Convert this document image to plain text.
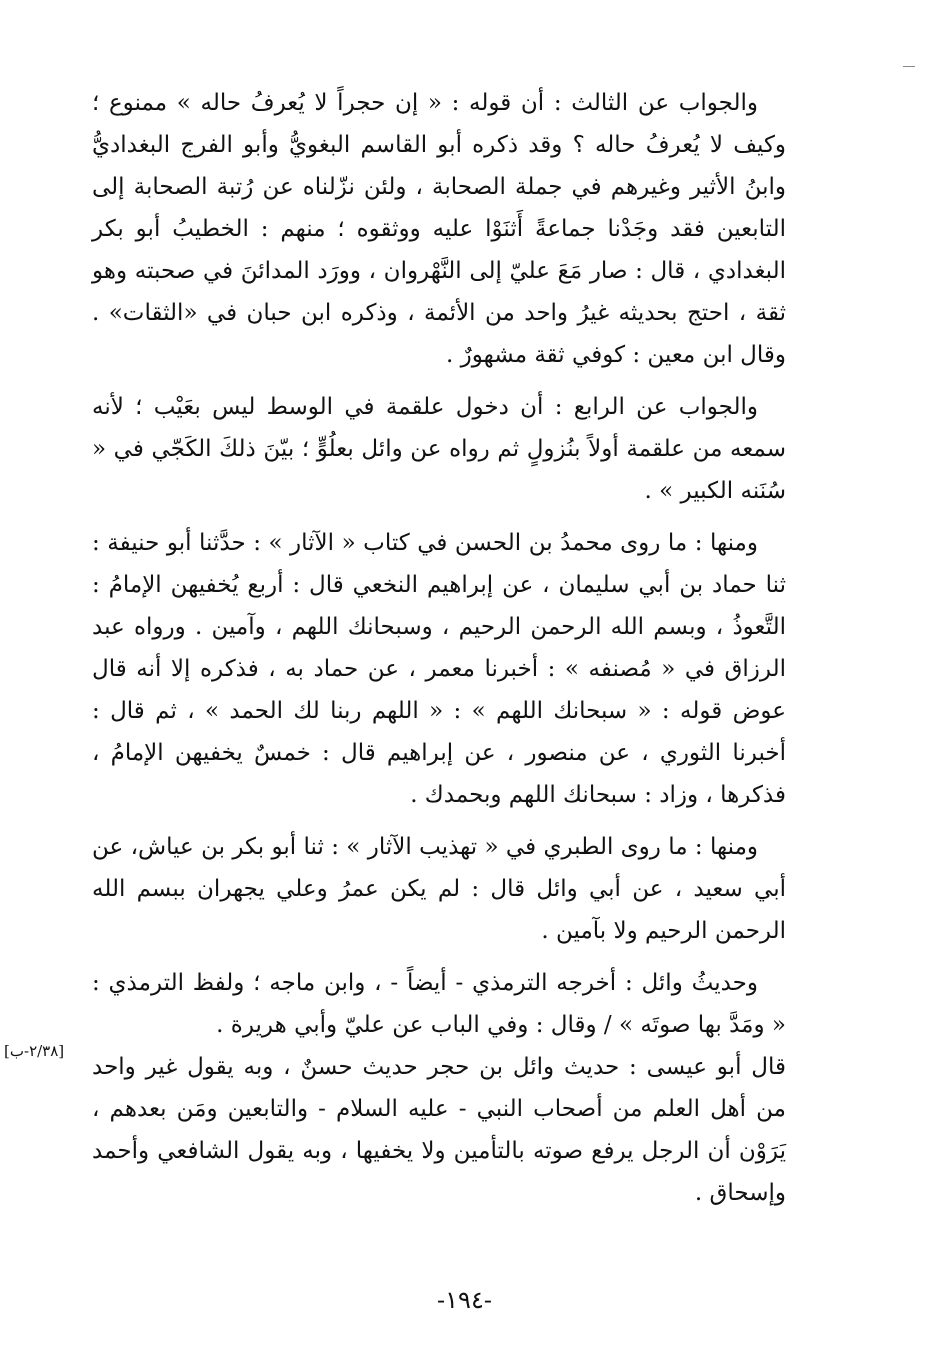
والجواب عن الثالث : أن قوله : « إن حجراً لا يُعرفُ حاله » ممنوع ؛ وكيف لا يُعرفُ حاله ؟ وقد ذكره أبو القاسم البغويُّ وأبو الفرج البغداديُّ وابنُ الأثير وغيرهم في جملة الصحابة ، ولئن نزّلناه عن رُتبة الصحابة إلى التابعين فقد وجَدْنا جماعةً أَثنَوْا عليه ووثقوه ؛ منهم : الخطيبُ أبو بكر البغدادي ، قال : صار مَعَ عليّ إلى النَّهْروان ، وورَد المدائنَ في صحبته وهو ثقة ، احتج بحديثه غيرُ واحد من الأئمة ، وذكره ابن حبان في «الثقات» . وقال ابن معين : كوفي ثقة مشهورٌ .

والجواب عن الرابع : أن دخول علقمة في الوسط ليس بعَيْب ؛ لأنه سمعه من علقمة أولاً بنُزولٍ ثم رواه عن وائل بعلُوٍّ ؛ بيّنَ ذلكَ الكَجّي في « سُنَنه الكبير » .

ومنها : ما روى محمدُ بن الحسن في كتاب « الآثار » : حدَّثنا أبو حنيفة : ثنا حماد بن أبي سليمان ، عن إبراهيم النخعي قال : أربع يُخفيهن الإمامُ : التَّعوذُ ، وبسم الله الرحمن الرحيم ، وسبحانك اللهم ، وآمين . ورواه عبد الرزاق في « مُصنفه » : أخبرنا معمر ، عن حماد به ، فذكره إلا أنه قال عوض قوله : « سبحانك اللهم » : « اللهم ربنا لك الحمد » ، ثم قال : أخبرنا الثوري ، عن منصور ، عن إبراهيم قال : خمسٌ يخفيهن الإمامُ ، فذكرها ، وزاد : سبحانك اللهم وبحمدك .

ومنها : ما روى الطبري في « تهذيب الآثار » : ثنا أبو بكر بن عياش، عن أبي سعيد ، عن أبي وائل قال : لم يكن عمرُ وعلي يجهران ببسم الله الرحمن الرحيم ولا بآمين .

وحديثُ وائل : أخرجه الترمذي - أيضاً - ، وابن ماجه ؛ ولفظ الترمذي : « ومَدَّ بها صوتَه » / وقال : وفي الباب عن عليّ وأبي هريرة .

قال أبو عيسى : حديث وائل بن حجر حديث حسنٌ ، وبه يقول غير واحد من أهل العلم من أصحاب النبي - عليه السلام - والتابعين ومَن بعدهم ، يَرَوْن أن الرجل يرفع صوته بالتأمين ولا يخفيها ، وبه يقول الشافعي وأحمد وإسحاق .

[٢/٣٨-ب]
-١٩٤-
